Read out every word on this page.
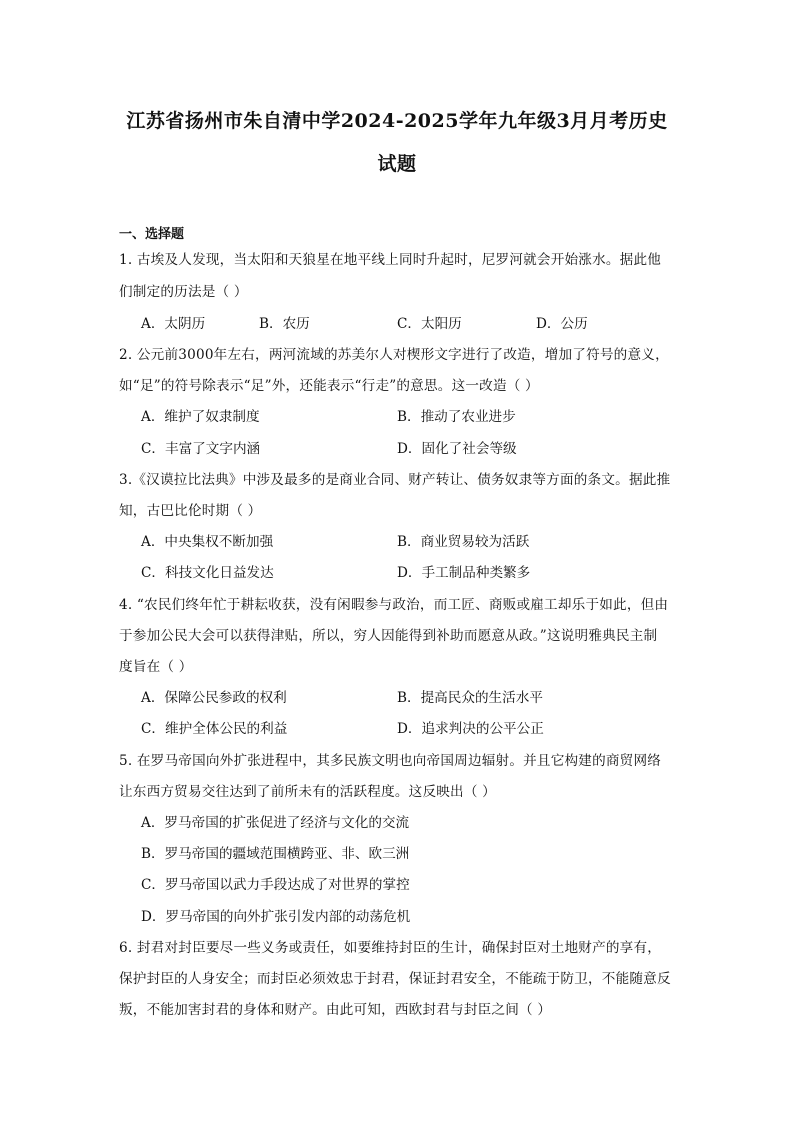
江苏省扬州市朱自清中学2024-2025学年九年级3月月考历史
试题
一、选择题
1. 古埃及人发现，当太阳和天狼星在地平线上同时升起时，尼罗河就会开始涨水。据此他
们制定的历法是（ ）
A．太阴历	B．农历	C．太阳历	D．公历
2. 公元前3000年左右，两河流域的苏美尔人对楔形文字进行了改造，增加了符号的意义，
如“足”的符号除表示“足”外，还能表示“行走”的意思。这一改造（ ）
A．维护了奴隶制度	B．推动了农业进步
C．丰富了文字内涵	D．固化了社会等级
3.《汉谟拉比法典》中涉及最多的是商业合同、财产转让、债务奴隶等方面的条文。据此推
知，古巴比伦时期（ ）
A．中央集权不断加强	B．商业贸易较为活跃
C．科技文化日益发达	D．手工制品种类繁多
4. “农民们终年忙于耕耘收获，没有闲暇参与政治，而工匠、商贩或雇工却乐于如此，但由
于参加公民大会可以获得津贴，所以，穷人因能得到补助而愿意从政。”这说明雅典民主制
度旨在（ ）
A．保障公民参政的权利	B．提高民众的生活水平
C．维护全体公民的利益	D．追求判决的公平公正
5. 在罗马帝国向外扩张进程中，其多民族文明也向帝国周边辐射。并且它构建的商贸网络
让东西方贸易交往达到了前所未有的活跃程度。这反映出（ ）
A．罗马帝国的扩张促进了经济与文化的交流
B．罗马帝国的疆域范围横跨亚、非、欧三洲
C．罗马帝国以武力手段达成了对世界的掌控
D．罗马帝国的向外扩张引发内部的动荡危机
6. 封君对封臣要尽一些义务或责任，如要维持封臣的生计，确保封臣对土地财产的享有，
保护封臣的人身安全；而封臣必须效忠于封君，保证封君安全，不能疏于防卫，不能随意反
叛，不能加害封君的身体和财产。由此可知，西欧封君与封臣之间（ ）
